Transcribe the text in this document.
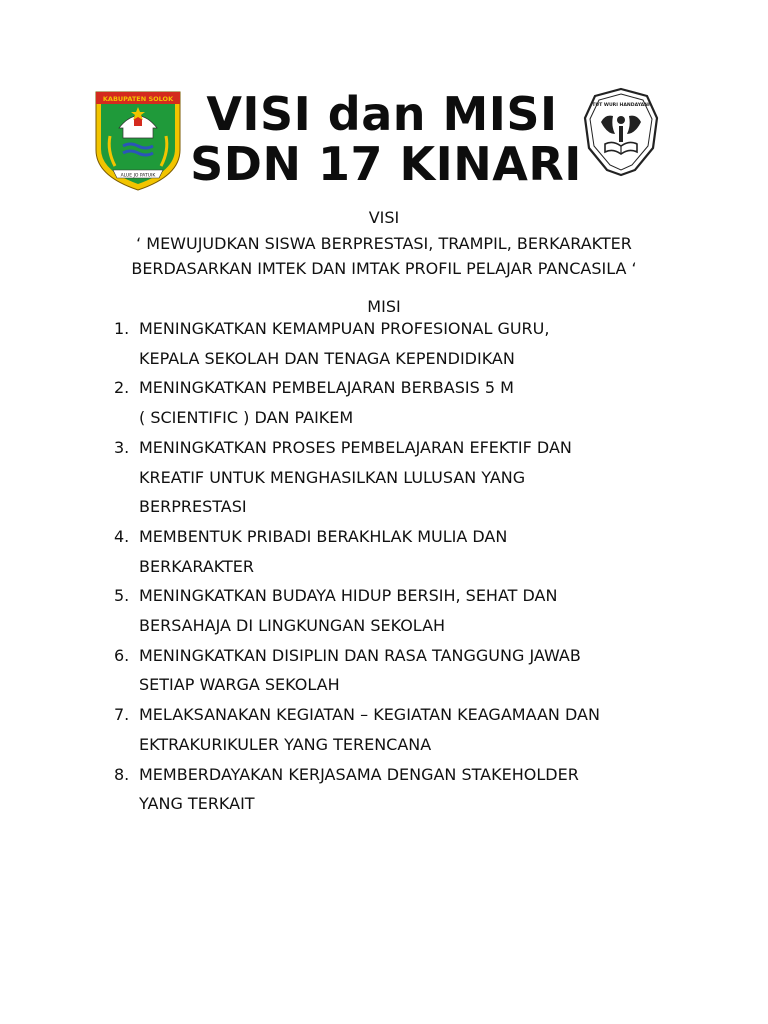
KABUPATEN SOLOK
ALUE JO PATUIK
VISI dan MISI
SDN 17 KINARI
TUT WURI HANDAYANI
VISI
‘ MEWUJUDKAN SISWA BERPRESTASI, TRAMPIL, BERKARAKTER BERDASARKAN IMTEK DAN IMTAK PROFIL PELAJAR PANCASILA ‘
MISI
1. MENINGKATKAN KEMAMPUAN PROFESIONAL GURU,
KEPALA SEKOLAH DAN TENAGA KEPENDIDIKAN
2. MENINGKATKAN PEMBELAJARAN BERBASIS 5 M
( SCIENTIFIC ) DAN PAIKEM
3. MENINGKATKAN PROSES PEMBELAJARAN EFEKTIF DAN
KREATIF UNTUK MENGHASILKAN LULUSAN YANG
BERPRESTASI
4. MEMBENTUK PRIBADI BERAKHLAK MULIA DAN
BERKARAKTER
5. MENINGKATKAN BUDAYA HIDUP BERSIH, SEHAT DAN
BERSAHAJA DI LINGKUNGAN SEKOLAH
6. MENINGKATKAN DISIPLIN DAN RASA TANGGUNG JAWAB
SETIAP WARGA SEKOLAH
7. MELAKSANAKAN KEGIATAN – KEGIATAN KEAGAMAAN DAN
EKTRAKURIKULER YANG TERENCANA
8. MEMBERDAYAKAN KERJASAMA DENGAN STAKEHOLDER
YANG TERKAIT
